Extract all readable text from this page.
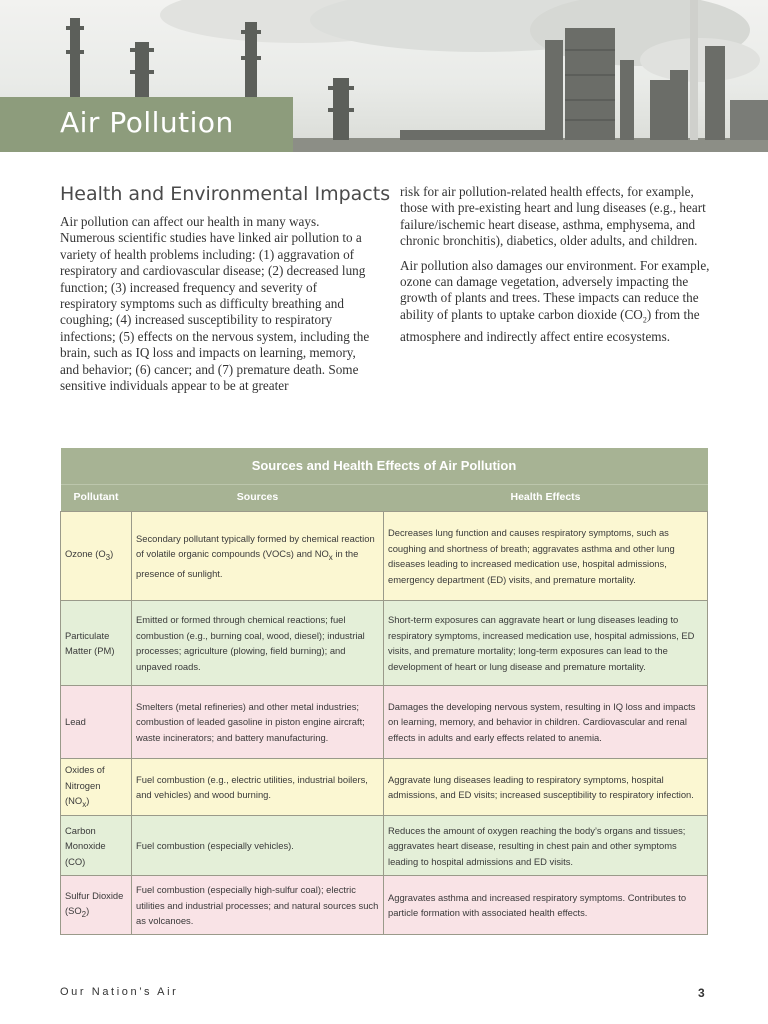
Air Pollution
Health and Environmental Impacts

Air pollution can affect our health in many ways. Numerous scientific studies have linked air pollution to a variety of health problems including: (1) aggravation of respiratory and cardiovascular disease; (2) decreased lung function; (3) increased frequency and severity of respiratory symptoms such as difficulty breathing and coughing; (4) increased susceptibility to respiratory infections; (5) effects on the nervous system, including the brain, such as IQ loss and impacts on learning, memory, and behavior; (6) cancer; and (7) premature death. Some sensitive individuals appear to be at greater

risk for air pollution-related health effects, for example, those with pre-existing heart and lung diseases (e.g., heart failure/ischemic heart disease, asthma, emphysema, and chronic bronchitis), diabetics, older adults, and children.

Air pollution also damages our environment. For example, ozone can damage vegetation, adversely impacting the growth of plants and trees. These impacts can reduce the ability of plants to uptake carbon dioxide $(CO_2)$ from the atmosphere and indirectly affect entire ecosystems.

Sources and Health Effects of Air Pollution		
Pollutant	Sources	Health Effects
Ozone $(O_3)$	Secondary pollutant typically formed by chemical reaction of volatile organic compounds (VOCs) and $NO_x$ in the presence of sunlight.	Decreases lung function and causes respiratory symptoms, such as coughing and shortness of breath; aggravates asthma and other lung diseases leading to increased medication use, hospital admissions, emergency department (ED) visits, and premature mortality.
Particulate Matter (PM)	Emitted or formed through chemical reactions; fuel combustion (e.g., burning coal, wood, diesel); industrial processes; agriculture (plowing, field burning); and unpaved roads.	Short-term exposures can aggravate heart or lung diseases leading to respiratory symptoms, increased medication use, hospital admissions, ED visits, and premature mortality; long-term exposures can lead to the development of heart or lung disease and premature mortality.
Lead	Smelters (metal refineries) and other metal industries; combustion of leaded gasoline in piston engine aircraft; waste incinerators; and battery manufacturing.	Damages the developing nervous system, resulting in IQ loss and impacts on learning, memory, and behavior in children. Cardiovascular and renal effects in adults and early effects related to anemia.
Oxides of Nitrogen $(NO_x)$	Fuel combustion (e.g., electric utilities, industrial boilers, and vehicles) and wood burning.	Aggravate lung diseases leading to respiratory symptoms, hospital admissions, and ED visits; increased susceptibility to respiratory infection.
Carbon Monoxide (CO)	Fuel combustion (especially vehicles).	Reduces the amount of oxygen reaching the body’s organs and tissues; aggravates heart disease, resulting in chest pain and other symptoms leading to hospital admissions and ED visits.
Sulfur Dioxide $(SO_2)$	Fuel combustion (especially high-sulfur coal); electric utilities and industrial processes; and natural sources such as volcanoes.	Aggravates asthma and increased respiratory symptoms. Contributes to particle formation with associated health effects.
Our Nation’s Air	3
